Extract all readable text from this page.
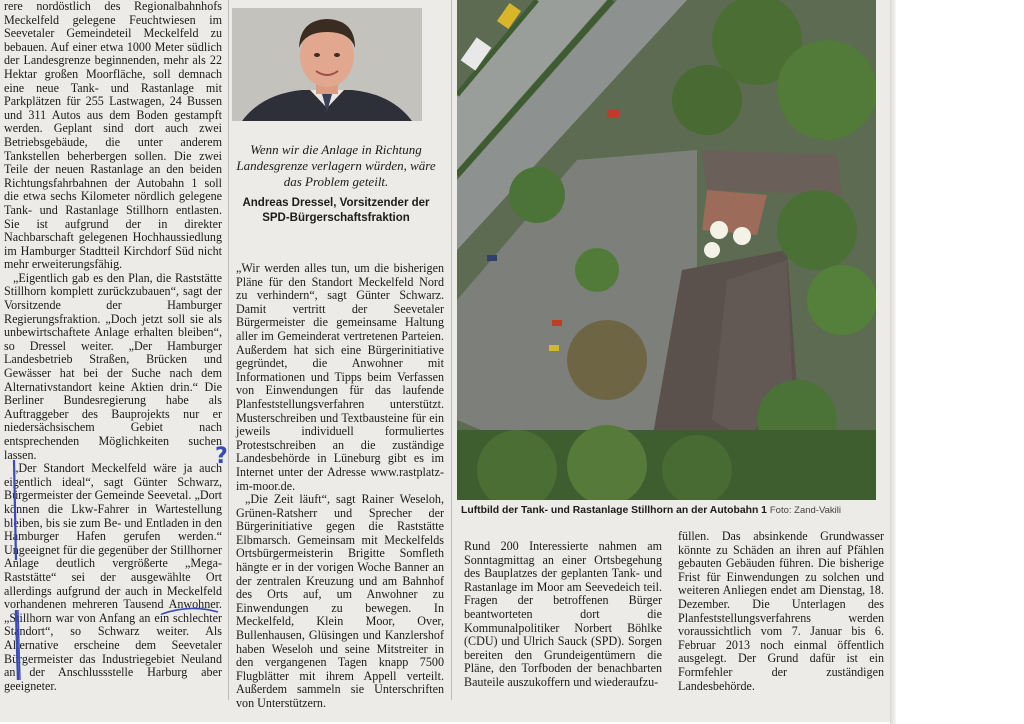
rere nordöstlich des Regionalbahnhofs Meckelfeld gelegene Feuchtwiesen im Seevetaler Gemeindeteil Meckelfeld zu bebauen. Auf einer etwa 1000 Meter südlich der Landesgrenze beginnenden, mehr als 22 Hektar großen Moorfläche, soll demnach eine neue Tank- und Rastanlage mit Parkplätzen für 255 Lastwagen, 24 Bussen und 311 Autos aus dem Boden gestampft werden. Geplant sind dort auch zwei Betriebsgebäude, die unter anderem Tankstellen beherbergen sollen. Die zwei Teile der neuen Rastanlage an den beiden Richtungsfahrbahnen der Autobahn 1 soll die etwa sechs Kilometer nördlich gelegene Tank- und Rastanlage Stillhorn entlasten. Sie ist aufgrund der in direkter Nachbarschaft gelegenen Hochhaussiedlung im Hamburger Stadtteil Kirchdorf Süd nicht mehr erweiterungsfähig.

„Eigentlich gab es den Plan, die Raststätte Stillhorn komplett zurückzubauen“, sagt der Vorsitzende der Hamburger Regierungsfraktion. „Doch jetzt soll sie als unbewirtschaftete Anlage erhalten bleiben“, so Dressel weiter. „Der Hamburger Landesbetrieb Straßen, Brücken und Gewässer hat bei der Suche nach dem Alternativstandort keine Aktien drin.“ Die Berliner Bundesregierung habe als Auftraggeber des Bauprojekts nur er niedersächsischem Gebiet nach entsprechenden Möglichkeiten suchen lassen.

„Der Standort Meckelfeld wäre ja auch eigentlich ideal“, sagt Günter Schwarz, Bürgermeister der Gemeinde Seevetal. „Dort können die Lkw-Fahrer in Wartestellung bleiben, bis sie zum Be- und Entladen in den Hamburger Hafen gerufen werden.“ Ungeeignet für die gegenüber der Stillhorner Anlage deutlich vergrößerte „Mega-Raststätte“ sei der ausgewählte Ort allerdings aufgrund der auch in Meckelfeld vorhandenen mehreren Tausend Anwohner. „Stillhorn war von Anfang an ein schlechter Standort“, so Schwarz weiter. Als Alternative erscheine dem Seevetaler Bürgermeister das Industriegebiet Neuland an der Anschlussstelle Harburg aber geeigneter.

Wenn wir die Anlage in Richtung Landesgrenze verlagern würden, wäre das Problem geteilt.
Andreas Dressel, Vorsitzender der SPD-Bürgerschaftsfraktion

„Wir werden alles tun, um die bisherigen Pläne für den Standort Meckelfeld Nord zu verhindern“, sagt Günter Schwarz. Damit vertritt der Seevetaler Bürgermeister die gemeinsame Haltung aller im Gemeinderat vertretenen Parteien. Außerdem hat sich eine Bürgerinitiative gegründet, die Anwohner mit Informationen und Tipps beim Verfassen von Einwendungen für das laufende Planfeststellungsverfahren unterstützt. Musterschreiben und Textbausteine für ein jeweils individuell formuliertes Protestschreiben an die zuständige Landesbehörde in Lüneburg gibt es im Internet unter der Adresse www.rastplatz-im-moor.de.

„Die Zeit läuft“, sagt Rainer Weseloh, Grünen-Ratsherr und Sprecher der Bürgerinitiative gegen die Raststätte Elbmarsch. Gemeinsam mit Meckelfelds Ortsbürgermeisterin Brigitte Somfleth hängte er in der vorigen Woche Banner an der zentralen Kreuzung und am Bahnhof des Orts auf, um Anwohner zu Einwendungen zu bewegen. In Meckelfeld, Klein Moor, Over, Bullenhausen, Glüsingen und Kanzlershof haben Weseloh und seine Mitstreiter in den vergangenen Tagen knapp 7500 Flugblätter mit ihrem Appell verteilt. Außerdem sammeln sie Unterschriften von Unterstützern.

Luftbild der Tank- und Rastanlage Stillhorn an der Autobahn 1 Foto: Zand-Vakili

Rund 200 Interessierte nahmen am Sonntagmittag an einer Ortsbegehung des Bauplatzes der geplanten Tank- und Rastanlage im Moor am Seevedeich teil. Fragen der betroffenen Bürger beantworteten dort die Kommunalpolitiker Norbert Böhlke (CDU) und Ulrich Sauck (SPD). Sorgen bereiten den Grundeigentümern die Pläne, den Torfboden der benachbarten Bauteile auszukoffern und wiederaufzu-

füllen. Das absinkende Grundwasser könnte zu Schäden an ihren auf Pfählen gebauten Gebäuden führen. Die bisherige Frist für Einwendungen zu solchen und weiteren Anliegen endet am Dienstag, 18. Dezember. Die Unterlagen des Planfeststellungsverfahrens werden voraussichtlich vom 7. Januar bis 6. Februar 2013 noch einmal öffentlich ausgelegt. Der Grund dafür ist ein Formfehler der zuständigen Landesbehörde.

?
